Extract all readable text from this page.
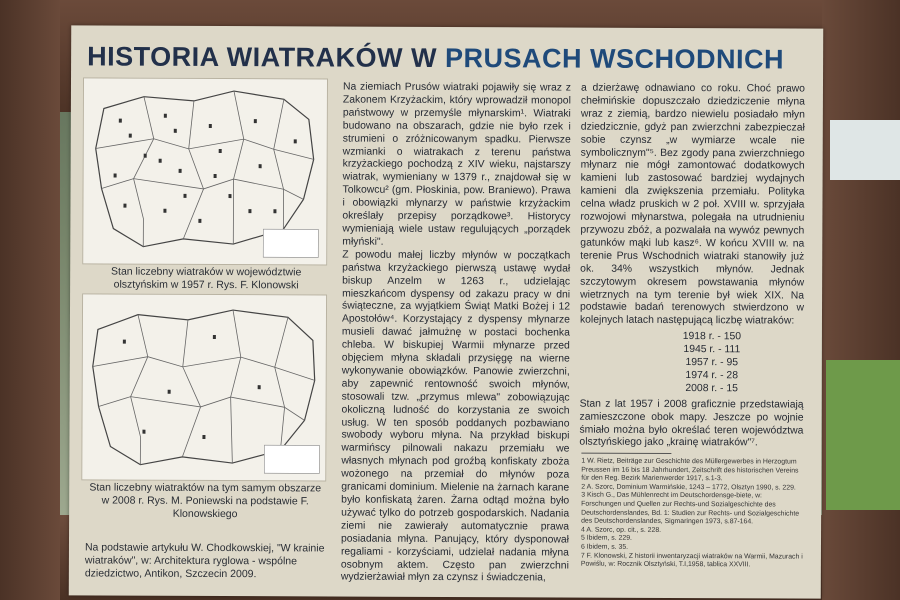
HISTORIA WIATRAKÓW W PRUSACH WSCHODNICH
Stan liczebny wiatraków w województwie olsztyńskim w 1957 r. Rys. F. Klonowski
Stan liczebny wiatraktów na tym samym obszarze w 2008 r. Rys. M. Poniewski na podstawie F. Klonowskiego
Na podstawie artykułu W. Chodkowskiej, "W krainie wiatraków", w: Architektura ryglowa - wspólne dziedzictwo, Antikon, Szczecin 2009.

Na ziemiach Prusów wiatraki pojawiły się wraz z Zakonem Krzyżackim, który wprowadził monopol państwowy w przemyśle młynarskim¹. Wiatraki budowano na obszarach, gdzie nie było rzek i strumieni o zróżnicowanym spadku. Pierwsze wzmianki o wiatrakach z terenu państwa krzyżackiego pochodzą z XIV wieku, najstarszy wiatrak, wymieniany w 1379 r., znajdował się w Tolkowcu² (gm. Płoskinia, pow. Braniewo). Prawa i obowiązki młynarzy w państwie krzyżackim określały przepisy porządkowe³. Historycy wymieniają wiele ustaw regulujących „porządek młyński".

Z powodu małej liczby młynów w początkach państwa krzyżackiego pierwszą ustawę wydał biskup Anzelm w 1263 r., udzielając mieszkańcom dyspensy od zakazu pracy w dni świąteczne, za wyjątkiem Świąt Matki Bożej i 12 Apostołów⁴. Korzystający z dyspensy młynarze musieli dawać jałmużnę w postaci bochenka chleba. W biskupiej Warmii młynarze przed objęciem młyna składali przysięgę na wierne wykonywanie obowiązków. Panowie zwierzchni, aby zapewnić rentowność swoich młynów, stosowali tzw. „przymus mlewa" zobowiązując okoliczną ludność do korzystania ze swoich usług. W ten sposób poddanych pozbawiano swobody wyboru młyna. Na przykład biskupi warmińscy pilnowali nakazu przemiału we własnych młynach pod groźbą konfiskaty zboża wożonego na przemiał do młynów poza granicami dominium. Mielenie na żarnach karane było konfiskatą żaren. Żarna odtąd można było używać tylko do potrzeb gospodarskich. Nadania ziemi nie zawierały automatycznie prawa posiadania młyna. Panujący, który dysponował regaliami - korzyściami, udzielał nadania młyna osobnym aktem. Często pan zwierzchni wydzierżawiał młyn za czynsz i świadczenia,

a dzierżawę odnawiano co roku. Choć prawo chełmińskie dopuszczało dziedziczenie młyna wraz z ziemią, bardzo niewielu posiadało młyn dziedzicznie, gdyż pan zwierzchni zabezpieczał sobie czynsz „w wymiarze wcale nie symbolicznym"⁵. Bez zgody pana zwierzchniego młynarz nie mógł zamontować dodatkowych kamieni lub zastosować bardziej wydajnych kamieni dla zwiększenia przemiału. Polityka celna władz pruskich w 2 poł. XVIII w. sprzyjała rozwojowi młynarstwa, polegała na utrudnieniu przywozu zbóż, a pozwalała na wywóz pewnych gatunków mąki lub kasz⁶. W końcu XVIII w. na terenie Prus Wschodnich wiatraki stanowiły już ok. 34% wszystkich młynów. Jednak szczytowym okresem powstawania młynów wietrznych na tym terenie był wiek XIX. Na podstawie badań terenowych stwierdzono w kolejnych latach następującą liczbę wiatraków:

1918 r. - 150
1945 r. - 111
1957 r. - 95
1974 r. - 28
2008 r. - 15

Stan z lat 1957 i 2008 graficznie przedstawiają zamieszczone obok mapy. Jeszcze po wojnie śmiało można było określać teren województwa olsztyńskiego jako „krainę wiatraków"⁷.

1 W. Rietz, Beiträge zur Geschichte des Müllergewerbes in Herzogtum Preussen im 16 bis 18 Jahrhundert, Zeitschrift des historischen Vereins für den Reg. Bezirk Marienwerder 1917, s.1-3.
2 A. Szorc, Dominium Warmińskie, 1243 – 1772, Olsztyn 1990, s. 229.
3 Kisch G., Das Mühlenrecht im Deutschordensge-biete, w: Forschungen und Quellen zur Rechts-und Sozialgeschichte des Deutschordenslandes, Bd. 1: Studien zur Rechts- und Sozialgeschichte des Deutschordenslandes, Sigmaringen 1973, s.87-164.
4 A. Szorc, op. cit., s. 228.
5 Ibidem, s. 229.
6 Ibidem, s. 35.
7 F. Klonowski, Z historii inwentaryzacji wiatraków na Warmii, Mazurach i Powiślu, w: Rocznik Olsztyński, T.I,1958, tablica XXVIII.
